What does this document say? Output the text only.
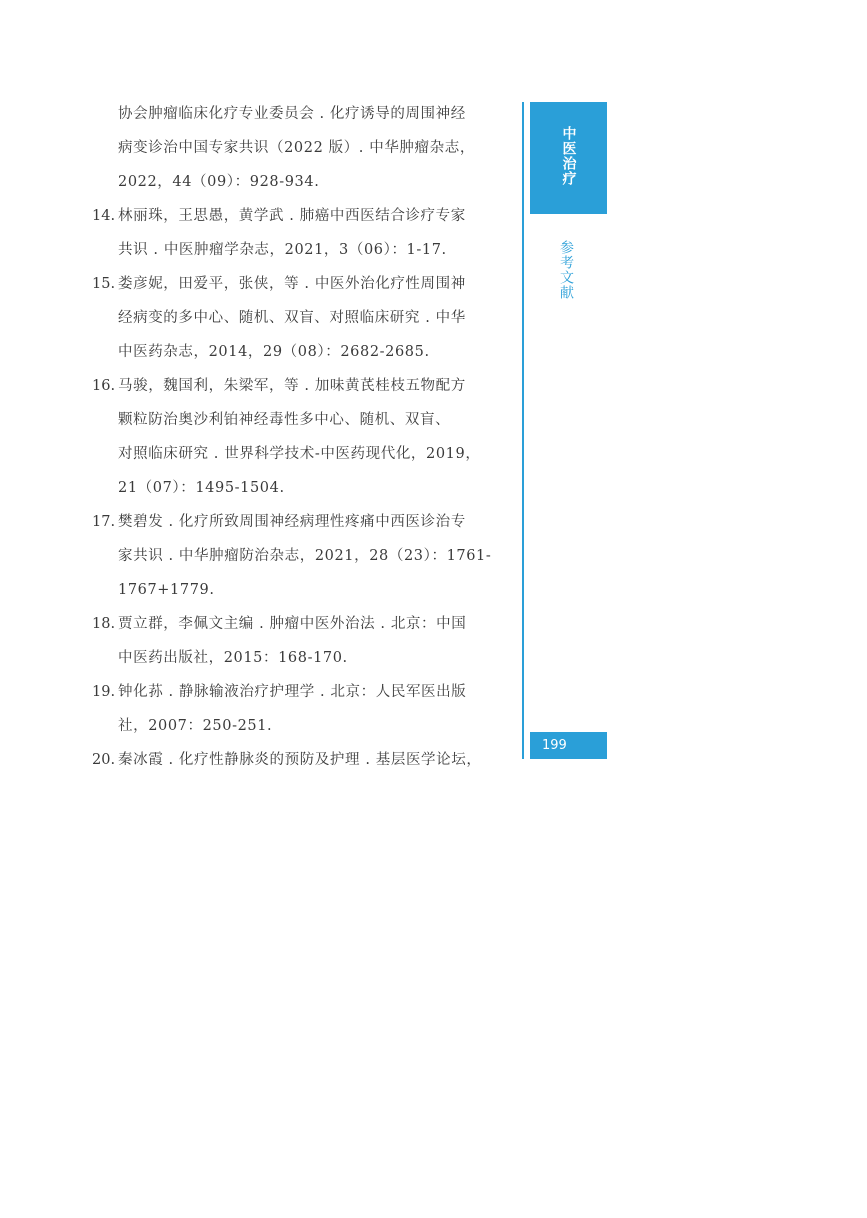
协会肿瘤临床化疗专业委员会 . 化疗诱导的周围神经
病变诊治中国专家共识（2022 版）. 中华肿瘤杂志，
2022，44（09）：928-934.
14. 林丽珠，王思愚，黄学武 . 肺癌中西医结合诊疗专家
共识 . 中医肿瘤学杂志，2021，3（06）：1-17.
15. 娄彦妮，田爱平，张侠，等 . 中医外治化疗性周围神
经病变的多中心、随机、双盲、对照临床研究 . 中华
中医药杂志，2014，29（08）：2682-2685.
16. 马骏，魏国利，朱梁军，等 . 加味黄芪桂枝五物配方
颗粒防治奥沙利铂神经毒性多中心、随机、双盲、
对照临床研究 . 世界科学技术-中医药现代化，2019，
21（07）：1495-1504.
17. 樊碧发 . 化疗所致周围神经病理性疼痛中西医诊治专
家共识 . 中华肿瘤防治杂志，2021，28（23）：1761-
1767+1779.
18. 贾立群，李佩文主编 . 肿瘤中医外治法 . 北京：中国
中医药出版社，2015：168-170.
19. 钟化荪 . 静脉输液治疗护理学 . 北京：人民军医出版
社，2007：250-251.
20. 秦冰霞 . 化疗性静脉炎的预防及护理 . 基层医学论坛，
中医治疗
参考文献
199
